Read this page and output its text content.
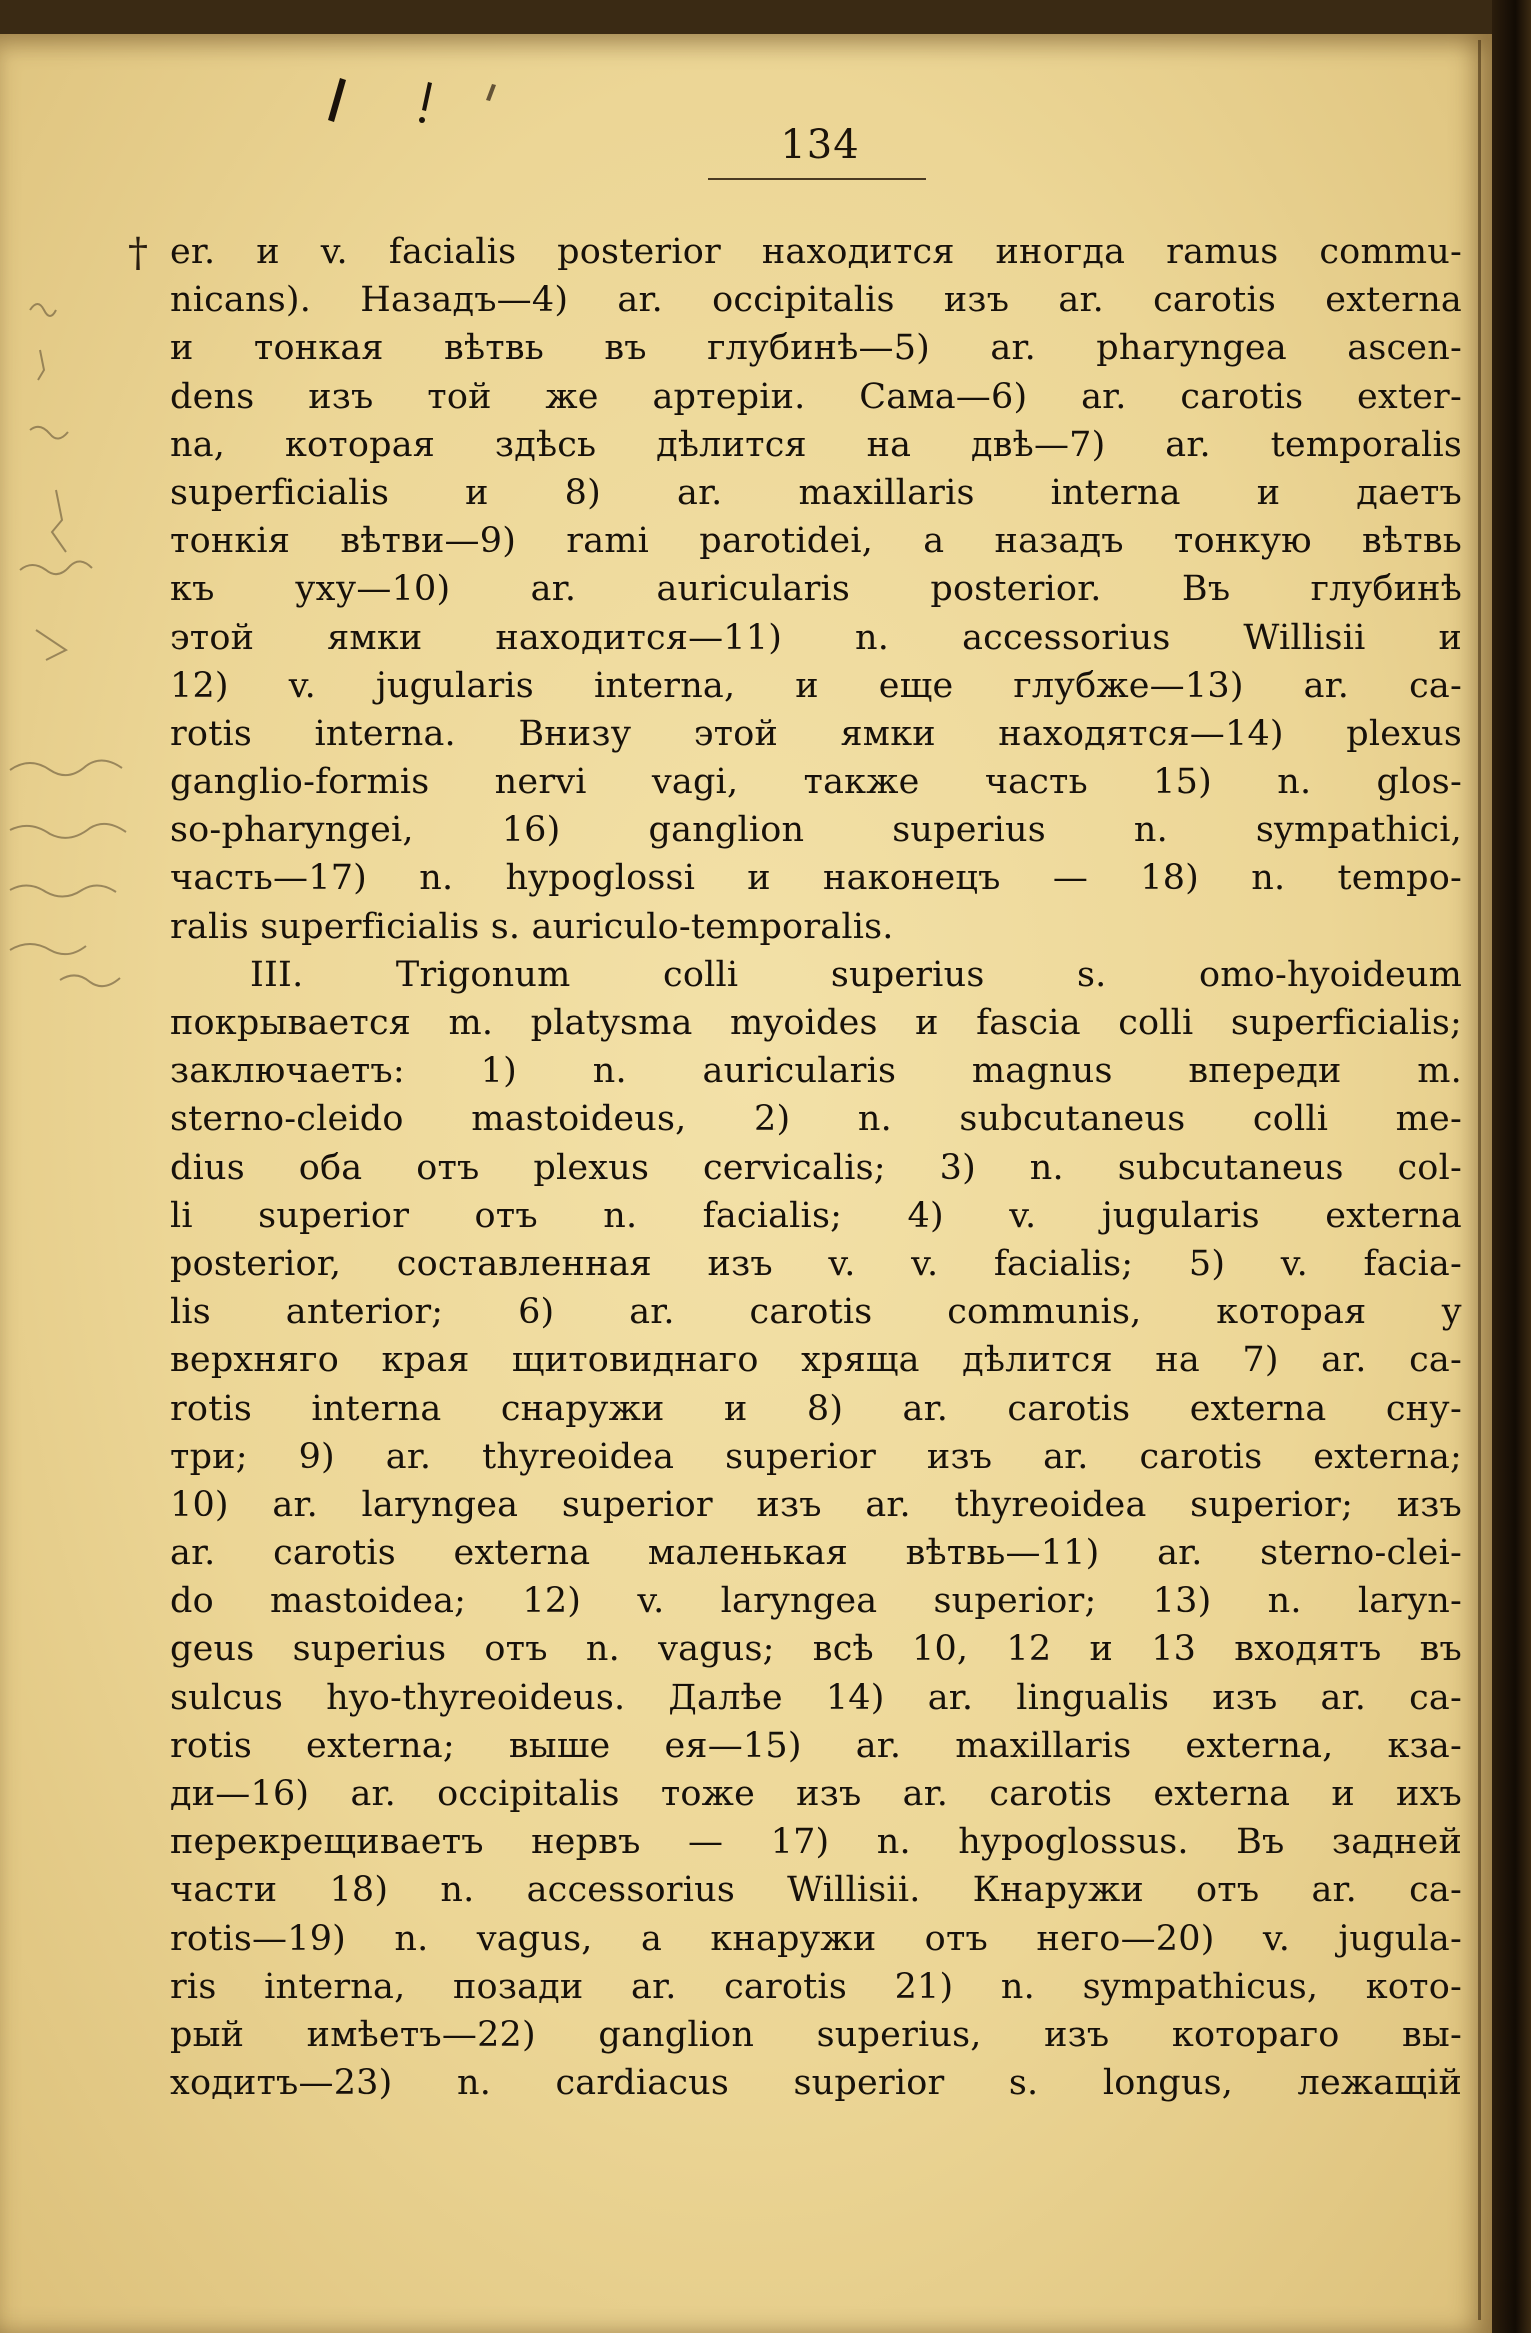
134
† er. и v. facialis posterior находится иногда ramus commu-
nicans). Назадъ—4) ar. occipitalis изъ ar. carotis externa
и тонкая вѣтвь въ глубинѣ—5) ar. pharyngea ascen-
dens изъ той же артеріи. Сама—6) ar. carotis exter-
na, которая здѣсь дѣлится на двѣ—7) ar. temporalis
superficialis и 8) ar. maxillaris interna и даетъ
тонкія вѣтви—9) rami parotidei, а назадъ тонкую вѣтвь
къ уху—10) ar. auricularis posterior. Въ глубинѣ
этой ямки находится—11) n. accessorius Willisii и
12) v. jugularis interna, и еще глубже—13) ar. ca-
rotis interna. Внизу этой ямки находятся—14) plexus
ganglio-formis nervi vagi, также часть 15) n. glos-
so-pharyngei, 16) ganglion superius n. sympathici,
часть—17) n. hypoglossi и наконецъ — 18) n. tempo-
ralis superficialis s. auriculo-temporalis.
III. Trigonum colli superius s. omo-hyoideum
покрывается m. platysma myoides и fascia colli superficialis;
заключаетъ: 1) n. auricularis magnus впереди m.
sterno-cleido mastoideus, 2) n. subcutaneus colli me-
dius оба отъ plexus cervicalis; 3) n. subcutaneus col-
li superior отъ n. facialis; 4) v. jugularis externa
posterior, составленная изъ v. v. facialis; 5) v. facia-
lis anterior; 6) ar. carotis communis, которая у
верхняго края щитовиднаго хряща дѣлится на 7) ar. ca-
rotis interna снаружи и 8) ar. carotis externa сну-
три; 9) ar. thyreoidea superior изъ ar. carotis externa;
10) ar. laryngea superior изъ ar. thyreoidea superior; изъ
ar. carotis externa маленькая вѣтвь—11) ar. sterno-clei-
do mastoidea; 12) v. laryngea superior; 13) n. laryn-
geus superius отъ n. vagus; всѣ 10, 12 и 13 входятъ въ
sulcus hyo-thyreoideus. Далѣе 14) ar. lingualis изъ ar. ca-
rotis externa; выше ея—15) ar. maxillaris externa, кза-
ди—16) ar. occipitalis тоже изъ ar. carotis externa и ихъ
перекрещиваетъ нервъ — 17) n. hypoglossus. Въ задней
части 18) n. accessorius Willisii. Кнаружи отъ ar. ca-
rotis—19) n. vagus, а кнаружи отъ него—20) v. jugula-
ris interna, позади ar. carotis 21) n. sympathicus, кото-
рый имѣетъ—22) ganglion superius, изъ котораго вы-
ходитъ—23) n. cardiacus superior s. longus, лежащій
